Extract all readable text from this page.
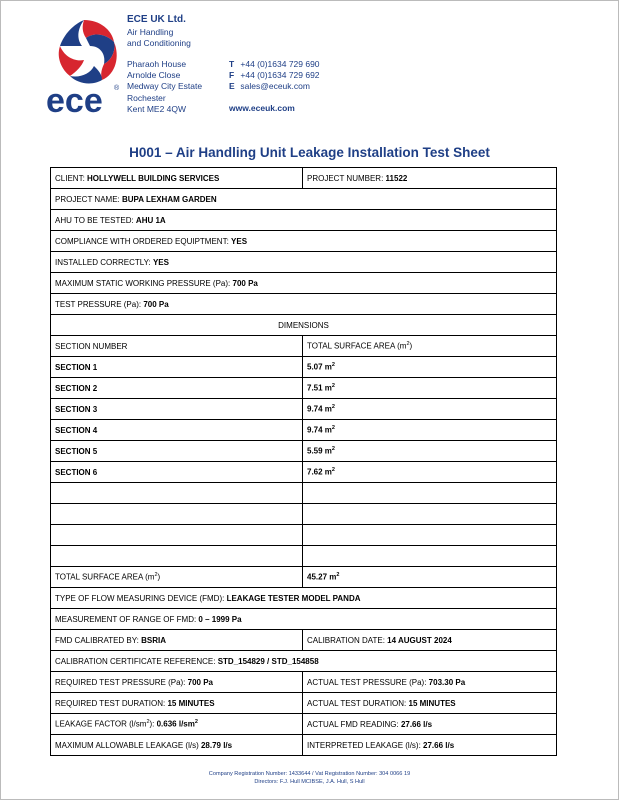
ece ®
ECE UK Ltd.
Air Handling
and Conditioning
Pharaoh House
Arnolde Close
Medway City Estate
Rochester
Kent ME2 4QW
T +44 (0)1634 729 690
F +44 (0)1634 729 692
E sales@eceuk.com
www.eceuk.com
H001 – Air Handling Unit Leakage Installation Test Sheet
CLIENT: HOLLYWELL BUILDING SERVICES	PROJECT NUMBER: 11522
PROJECT NAME: BUPA LEXHAM GARDEN	
AHU TO BE TESTED: AHU 1A	
COMPLIANCE WITH ORDERED EQUIPTMENT: YES	
INSTALLED CORRECTLY: YES	
MAXIMUM STATIC WORKING PRESSURE (Pa): 700 Pa	
TEST PRESSURE (Pa): 700 Pa	
DIMENSIONS	
SECTION NUMBER	TOTAL SURFACE AREA $(m^2)$
SECTION 1	5.07 $m^2$
SECTION 2	7.51 $m^2$
SECTION 3	9.74 $m^2$
SECTION 4	9.74 $m^2$
SECTION 5	5.59 $m^2$
SECTION 6	7.62 $m^2$

TOTAL SURFACE AREA $(m^2)$	45.27 $m^2$
TYPE OF FLOW MEASURING DEVICE (FMD): LEAKAGE TESTER MODEL PANDA	
MEASUREMENT OF RANGE OF FMD: 0 – 1999 Pa	
FMD CALIBRATED BY: BSRIA	CALIBRATION DATE: 14 AUGUST 2024
CALIBRATION CERTIFICATE REFERENCE: STD_154829 / STD_154858	
REQUIRED TEST PRESSURE (Pa): 700 Pa	ACTUAL TEST PRESSURE (Pa): 703.30 Pa
REQUIRED TEST DURATION: 15 MINUTES	ACTUAL TEST DURATION: 15 MINUTES
LEAKAGE FACTOR $(l/sm^2)$: 0.636 $l/sm^2$	ACTUAL FMD READING: 27.66 l/s
MAXIMUM ALLOWABLE LEAKAGE (l/s) 28.79 l/s	INTERPRETED LEAKAGE (l/s): 27.66 l/s
Company Registration Number: 1433644 / Vat Registration Number: 304 0066 19
Directors: F.J. Hull MCIBSE, J.A. Hull, S Hull
